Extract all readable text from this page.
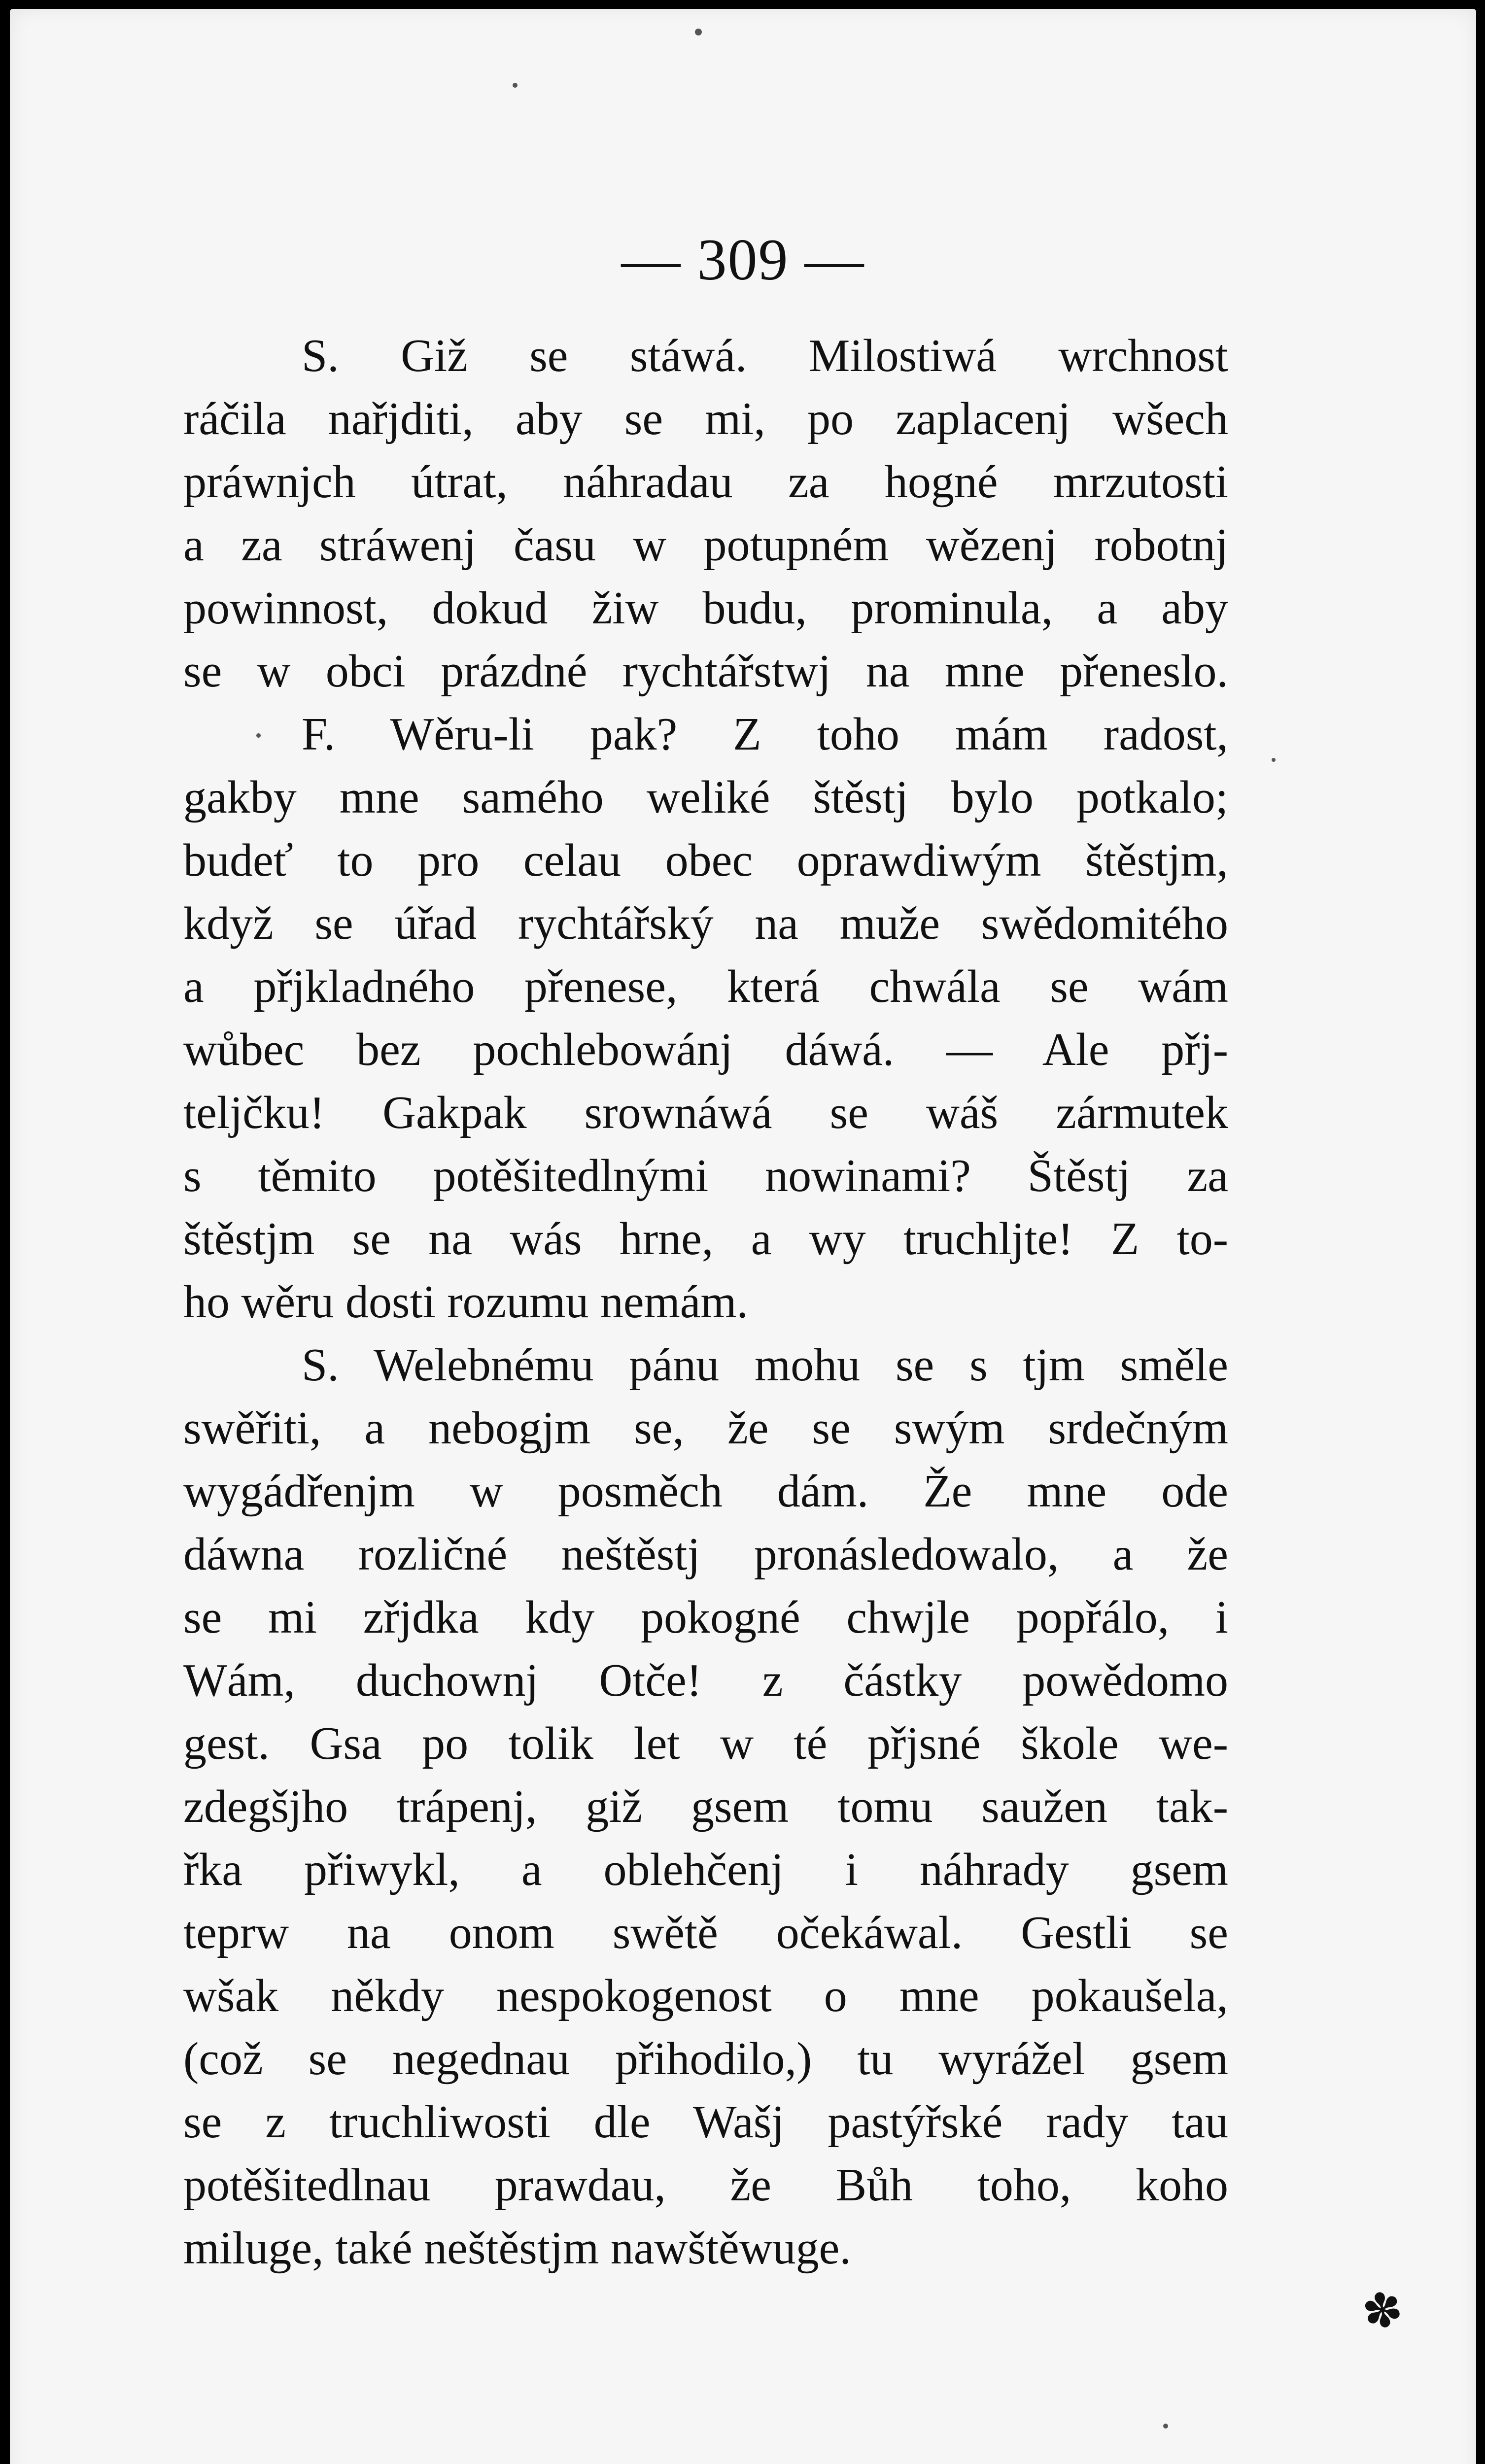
— 309 —
S. Giž se stáwá. Milostiwá wrchnost
ráčila nařjditi, aby se mi, po zaplacenj wšech
práwnjch útrat, náhradau za hogné mrzutosti
a za stráwenj času w potupném wězenj robotnj
powinnost, dokud žiw budu, prominula, a aby
se w obci prázdné rychtářstwj na mne přeneslo.
F. Wěru-li pak? Z toho mám radost,
gakby mne samého weliké štěstj bylo potkalo;
budeť to pro celau obec oprawdiwým štěstjm,
když se úřad rychtářský na muže swědomitého
a přjkladného přenese, která chwála se wám
wůbec bez pochlebowánj dáwá. — Ale přj-
teljčku! Gakpak srownáwá se wáš zármutek
s těmito potěšitedlnými nowinami? Štěstj za
štěstjm se na wás hrne, a wy truchljte! Z to-
ho wěru dosti rozumu nemám.
S. Welebnému pánu mohu se s tjm směle
swěřiti, a nebogjm se, že se swým srdečným
wygádřenjm w posměch dám. Že mne ode
dáwna rozličné neštěstj pronásledowalo, a že
se mi zřjdka kdy pokogné chwjle popřálo, i
Wám, duchownj Otče! z částky powědomo
gest. Gsa po tolik let w té přjsné škole we-
zdegšjho trápenj, giž gsem tomu saužen tak-
řka přiwykl, a oblehčenj i náhrady gsem
teprw na onom swětě očekáwal. Gestli se
wšak někdy nespokogenost o mne pokaušela,
(což se negednau přihodilo,) tu wyrážel gsem
se z truchliwosti dle Wašj pastýřské rady tau
potěšitedlnau prawdau, že Bůh toho, koho
miluge, také neštěstjm nawštěwuge.
✽
